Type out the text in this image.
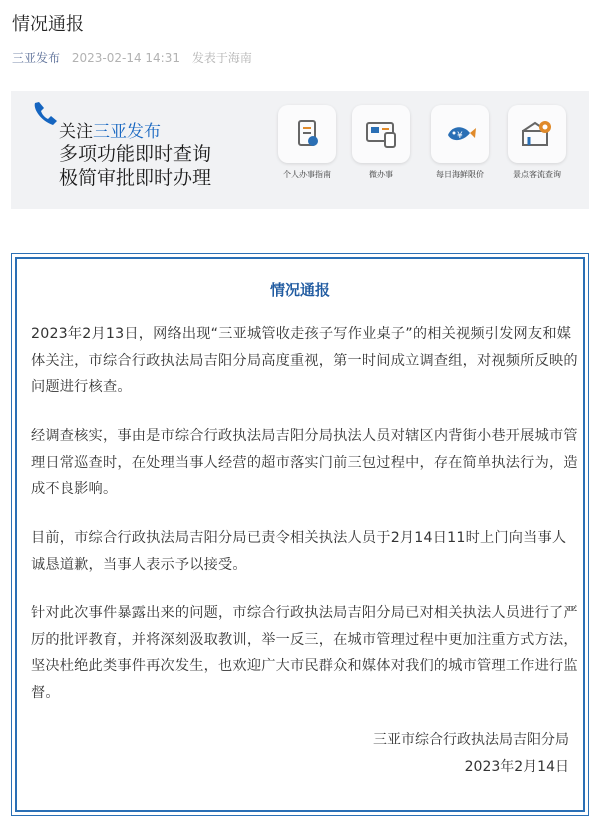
情况通报
三亚发布 2023-02-14 14:31 发表于海南
关注三亚发布
多项功能即时查询
极简审批即时办理	个人办事指南	微办事
¥
每日海鲜限价	景点客流查询
情况通报

2023年2月13日，网络出现“三亚城管收走孩子写作业桌子”的相关视频引发网友和媒体关注，市综合行政执法局吉阳分局高度重视，第一时间成立调查组，对视频所反映的问题进行核查。

经调查核实，事由是市综合行政执法局吉阳分局执法人员对辖区内背街小巷开展城市管理日常巡查时，在处理当事人经营的超市落实门前三包过程中，存在简单执法行为，造成不良影响。

目前，市综合行政执法局吉阳分局已责令相关执法人员于2月14日11时上门向当事人诚恳道歉，当事人表示予以接受。

针对此次事件暴露出来的问题，市综合行政执法局吉阳分局已对相关执法人员进行了严厉的批评教育，并将深刻汲取教训，举一反三，在城市管理过程中更加注重方式方法，坚决杜绝此类事件再次发生，也欢迎广大市民群众和媒体对我们的城市管理工作进行监督。

三亚市综合行政执法局吉阳分局
2023年2月14日
